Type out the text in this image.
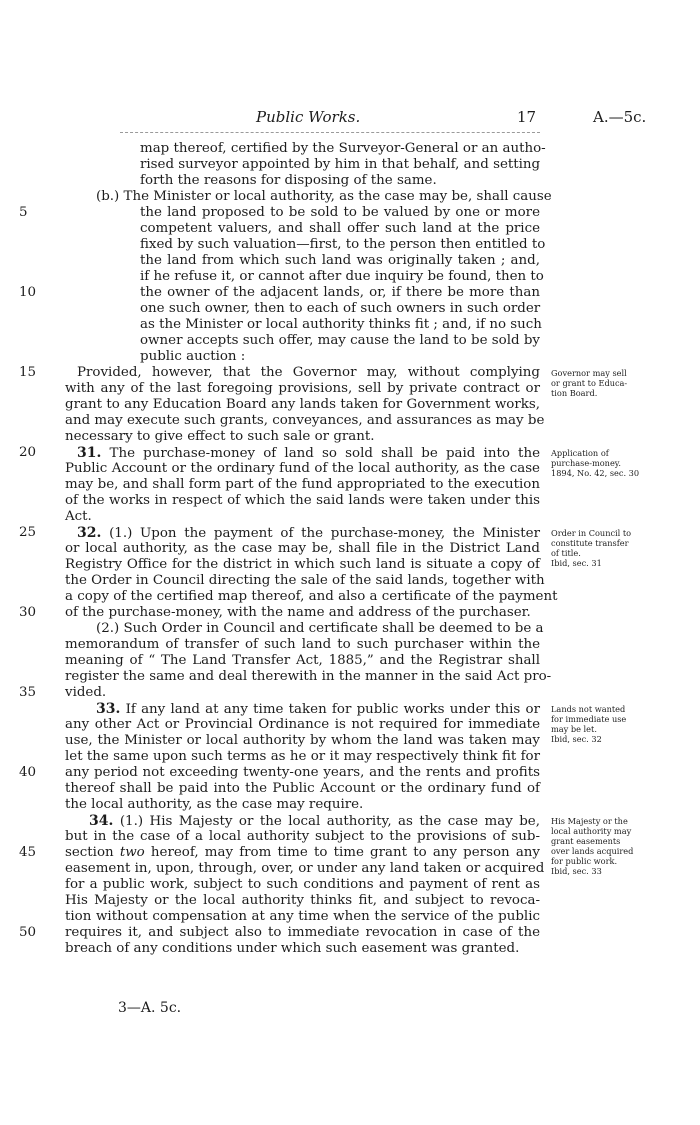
Public Works.	17	A.—5c.
map thereof, certified by the Surveyor-General or an autho-
rised surveyor appointed by him in that behalf, and setting
forth the reasons for disposing of the same.
(b.) The Minister or local authority, as the case may be, shall cause
the land proposed to be sold to be valued by one or more
competent valuers, and shall offer such land at the price
fixed by such valuation—first, to the person then entitled to
the land from which such land was originally taken ; and,
if he refuse it, or cannot after due inquiry be found, then to
the owner of the adjacent lands, or, if there be more than
one such owner, then to each of such owners in such order
as the Minister or local authority thinks fit ; and, if no such
owner accepts such offer, may cause the land to be sold by
public auction :
Provided, however, that the Governor may, without complying
with any of the last foregoing provisions, sell by private contract or
grant to any Education Board any lands taken for Government works,
and may execute such grants, conveyances, and assurances as may be
necessary to give effect to such sale or grant.
31. The purchase-money of land so sold shall be paid into the
Public Account or the ordinary fund of the local authority, as the case
may be, and shall form part of the fund appropriated to the execution
of the works in respect of which the said lands were taken under this
Act.
32. (1.) Upon the payment of the purchase-money, the Minister
or local authority, as the case may be, shall file in the District Land
Registry Office for the district in which such land is situate a copy of
the Order in Council directing the sale of the said lands, together with
a copy of the certified map thereof, and also a certificate of the payment
of the purchase-money, with the name and address of the purchaser.
(2.) Such Order in Council and certificate shall be deemed to be a
memorandum of transfer of such land to such purchaser within the
meaning of “ The Land Transfer Act, 1885,” and the Registrar shall
register the same and deal therewith in the manner in the said Act pro-
vided.
33. If any land at any time taken for public works under this or
any other Act or Provincial Ordinance is not required for immediate
use, the Minister or local authority by whom the land was taken may
let the same upon such terms as he or it may respectively think fit for
any period not exceeding twenty-one years, and the rents and profits
thereof shall be paid into the Public Account or the ordinary fund of
the local authority, as the case may require.
34. (1.) His Majesty or the local authority, as the case may be,
but in the case of a local authority subject to the provisions of sub-
section two hereof, may from time to time grant to any person any
easement in, upon, through, over, or under any land taken or acquired
for a public work, subject to such conditions and payment of rent as
His Majesty or the local authority thinks fit, and subject to revoca-
tion without compensation at any time when the service of the public
requires it, and subject also to immediate revocation in case of the
breach of any conditions under which such easement was granted.
5
10
15
20
25
30
35
40
45
50
Governor may sell
or grant to Educa-
tion Board.
Application of
purchase-money.
1894, No. 42, sec. 30
Order in Council to
constitute transfer
of title.
Ibid, sec. 31
Lands not wanted
for immediate use
may be let.
Ibid, sec. 32
His Majesty or the
local authority may
grant easements
over lands acquired
for public work.
Ibid, sec. 33
3—A. 5c.
